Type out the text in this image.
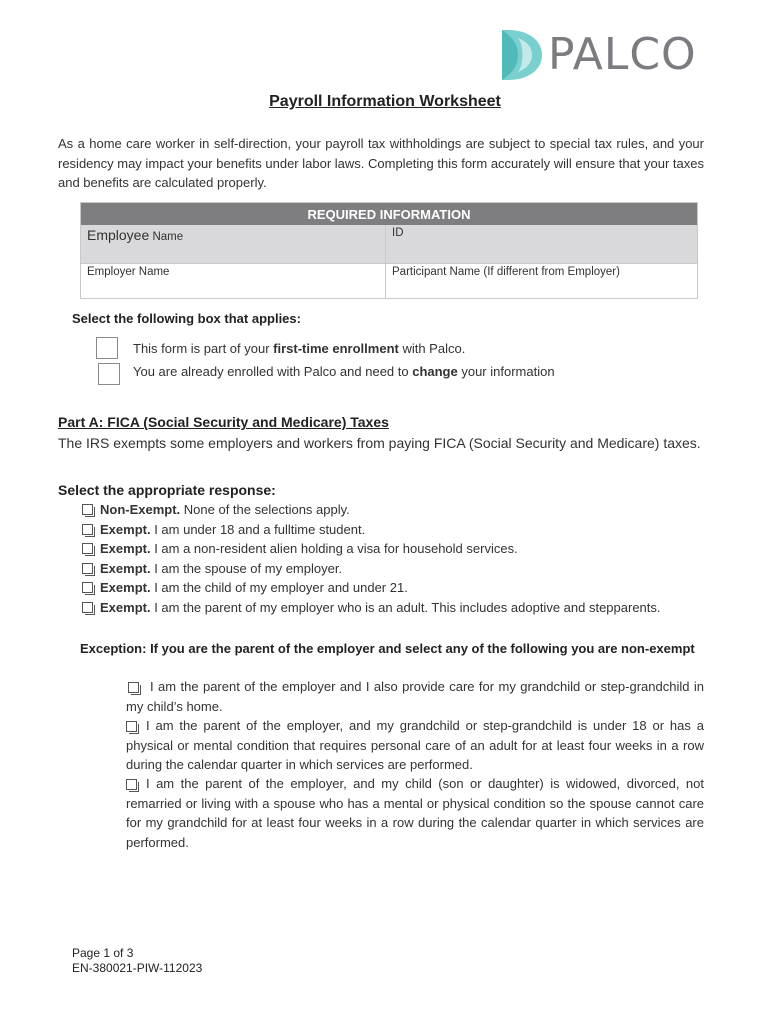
PALCO
Payroll Information Worksheet
As a home care worker in self-direction, your payroll tax withholdings are subject to special tax rules, and your residency may impact your benefits under labor laws. Completing this form accurately will ensure that your taxes and benefits are calculated properly.
REQUIRED INFORMATION
Employee Name	ID
Employer Name	Participant Name (If different from Employer)
Select the following box that applies:
This form is part of your first-time enrollment with Palco.
You are already enrolled with Palco and need to change your information
Part A: FICA (Social Security and Medicare) Taxes
The IRS exempts some employers and workers from paying FICA (Social Security and Medicare) taxes.
Select the appropriate response:
Non-Exempt. None of the selections apply.
Exempt. I am under 18 and a fulltime student.
Exempt. I am a non-resident alien holding a visa for household services.
Exempt. I am the spouse of my employer.
Exempt. I am the child of my employer and under 21.
Exempt. I am the parent of my employer who is an adult. This includes adoptive and stepparents.
Exception: If you are the parent of the employer and select any of the following you are non-exempt
I am the parent of the employer and I also provide care for my grandchild or step-grandchild in my child’s home.
I am the parent of the employer, and my grandchild or step-grandchild is under 18 or has a physical or mental condition that requires personal care of an adult for at least four weeks in a row during the calendar quarter in which services are performed.
I am the parent of the employer, and my child (son or daughter) is widowed, divorced, not remarried or living with a spouse who has a mental or physical condition so the spouse cannot care for my grandchild for at least four weeks in a row during the calendar quarter in which services are performed.
Page 1 of 3
EN-380021-PIW-112023
